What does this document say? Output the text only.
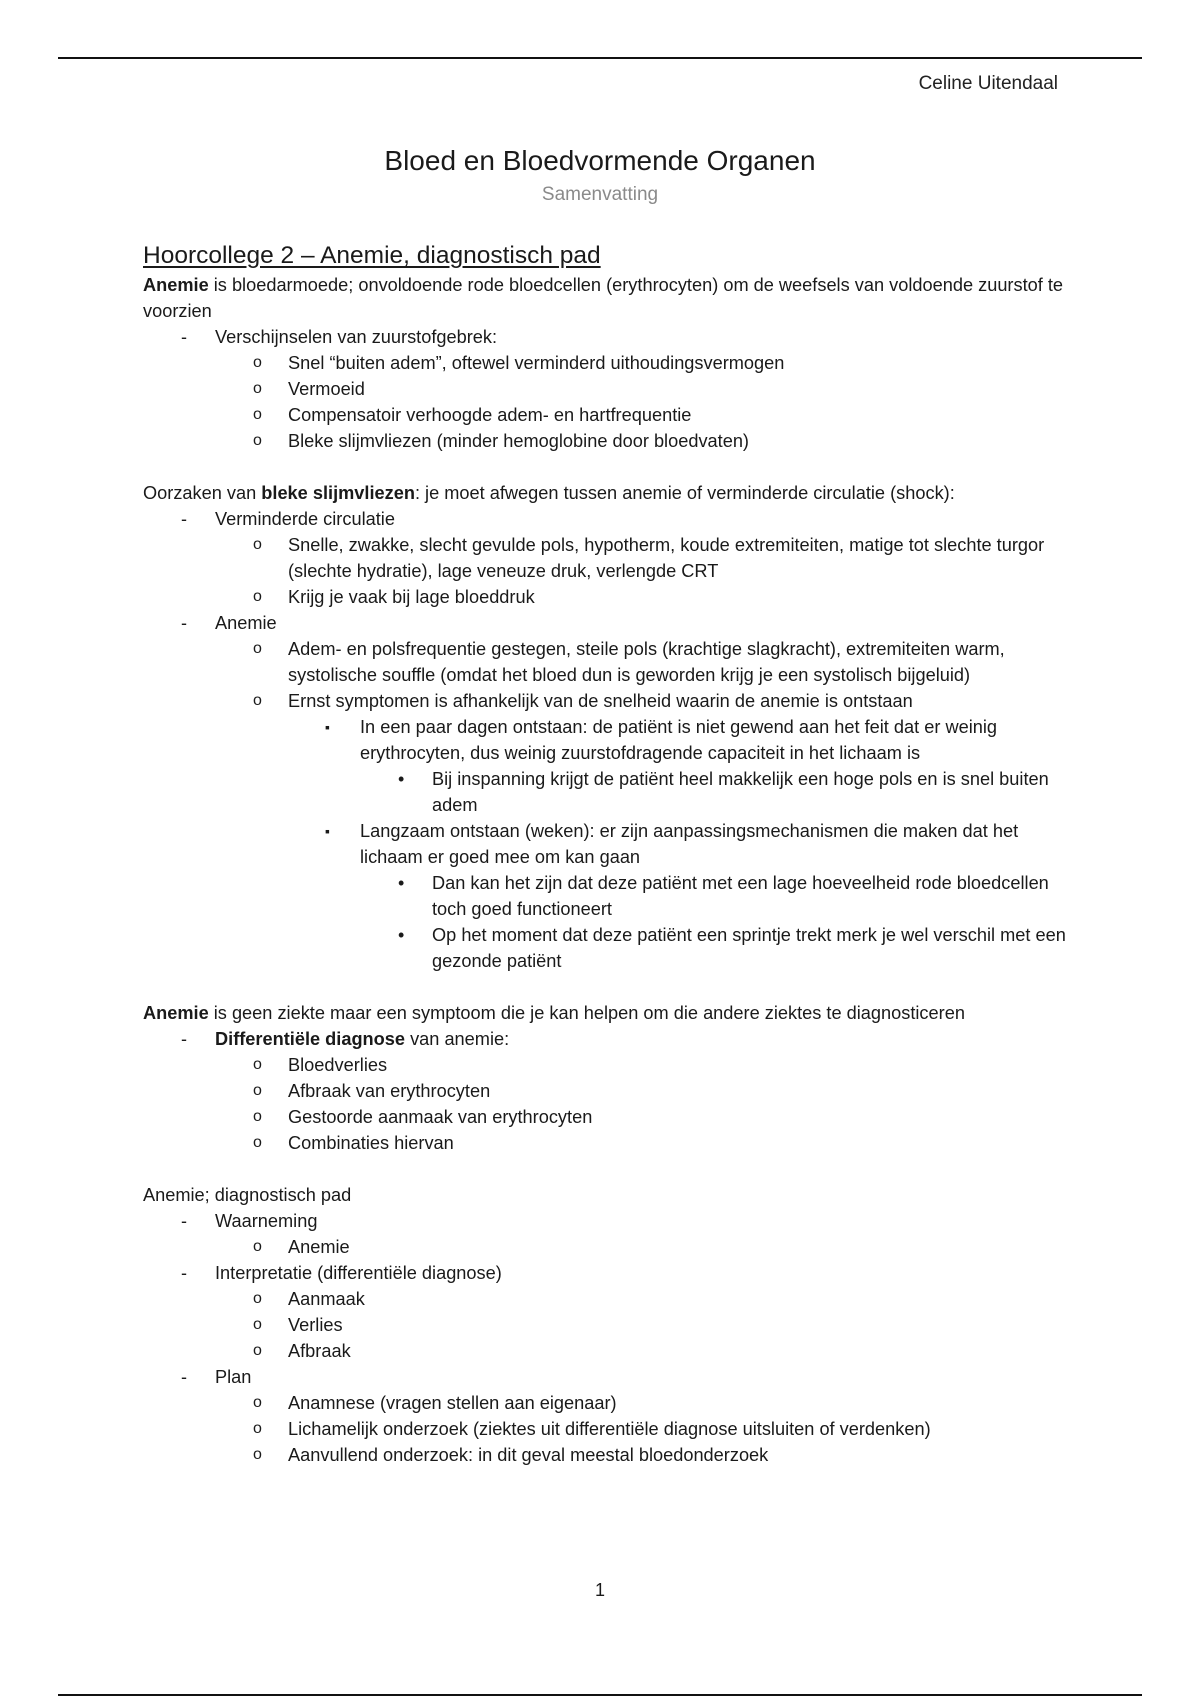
Celine Uitendaal
Bloed en Bloedvormende Organen
Samenvatting
Hoorcollege 2 – Anemie, diagnostisch pad

Anemie is bloedarmoede; onvoldoende rode bloedcellen (erythrocyten) om de weefsels van voldoende zuurstof te voorzien

- Verschijnselen van zuurstofgebrek:
o Snel “buiten adem”, oftewel verminderd uithoudingsvermogen
o Vermoeid
o Compensatoir verhoogde adem- en hartfrequentie
o Bleke slijmvliezen (minder hemoglobine door bloedvaten)

Oorzaken van bleke slijmvliezen: je moet afwegen tussen anemie of verminderde circulatie (shock):

- Verminderde circulatie
o Snelle, zwakke, slecht gevulde pols, hypotherm, koude extremiteiten, matige tot slechte turgor (slechte hydratie), lage veneuze druk, verlengde CRT
o Krijg je vaak bij lage bloeddruk
- Anemie
o Adem- en polsfrequentie gestegen, steile pols (krachtige slagkracht), extremiteiten warm, systolische souffle (omdat het bloed dun is geworden krijg je een systolisch bijgeluid)
o Ernst symptomen is afhankelijk van de snelheid waarin de anemie is ontstaan
▪ In een paar dagen ontstaan: de patiënt is niet gewend aan het feit dat er weinig erythrocyten, dus weinig zuurstofdragende capaciteit in het lichaam is
• Bij inspanning krijgt de patiënt heel makkelijk een hoge pols en is snel buiten adem
▪ Langzaam ontstaan (weken): er zijn aanpassingsmechanismen die maken dat het lichaam er goed mee om kan gaan
• Dan kan het zijn dat deze patiënt met een lage hoeveelheid rode bloedcellen toch goed functioneert
• Op het moment dat deze patiënt een sprintje trekt merk je wel verschil met een gezonde patiënt

Anemie is geen ziekte maar een symptoom die je kan helpen om die andere ziektes te diagnosticeren

- Differentiële diagnose van anemie:
o Bloedverlies
o Afbraak van erythrocyten
o Gestoorde aanmaak van erythrocyten
o Combinaties hiervan

Anemie; diagnostisch pad

- Waarneming
o Anemie
- Interpretatie (differentiële diagnose)
o Aanmaak
o Verlies
o Afbraak
- Plan
o Anamnese (vragen stellen aan eigenaar)
o Lichamelijk onderzoek (ziektes uit differentiële diagnose uitsluiten of verdenken)
o Aanvullend onderzoek: in dit geval meestal bloedonderzoek
1
